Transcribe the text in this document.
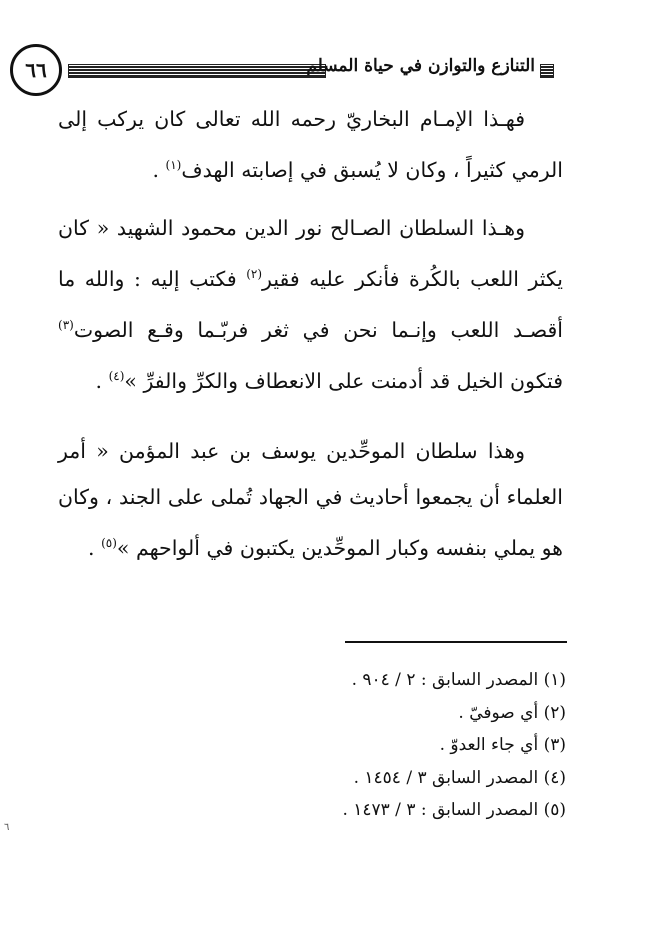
٦٦	التنازع والتوازن في حياة المسلم

فهـذا الإمـام البخاريّ رحمه الله تعالى كان يركب إلى الرمي كثيراً ، وكان لا يُسبق في إصابته الهدف$^{(١)}$ .

وهـذا السلطان الصـالح نور الدين محمود الشهيد « كان يكثر اللعب بالكُرة فأنكر عليه فقير$^{(٢)}$ فكتب إليه : والله ما أقصـد اللعب وإنـما نحن في ثغر فربّـما وقـع الصوت$^{(٣)}$ فتكون الخيل قد أدمنت على الانعطاف والكرِّ والفرِّ »$^{(٤)}$ .

وهذا سلطان الموحِّدين يوسف بن عبد المؤمن « أمر العلماء أن يجمعوا أحاديث في الجهاد تُملى على الجند ، وكان هو يملي بنفسه وكبار الموحِّدين يكتبون في ألواحهم »$^{(٥)}$ .

(١) المصدر السابق : ٢ / ٩٠٤ .
(٢) أي صوفيّ .
(٣) أي جاء العدوّ .
(٤) المصدر السابق ٣ / ١٤٥٤ .
(٥) المصدر السابق : ٣ / ١٤٧٣ .
٦
